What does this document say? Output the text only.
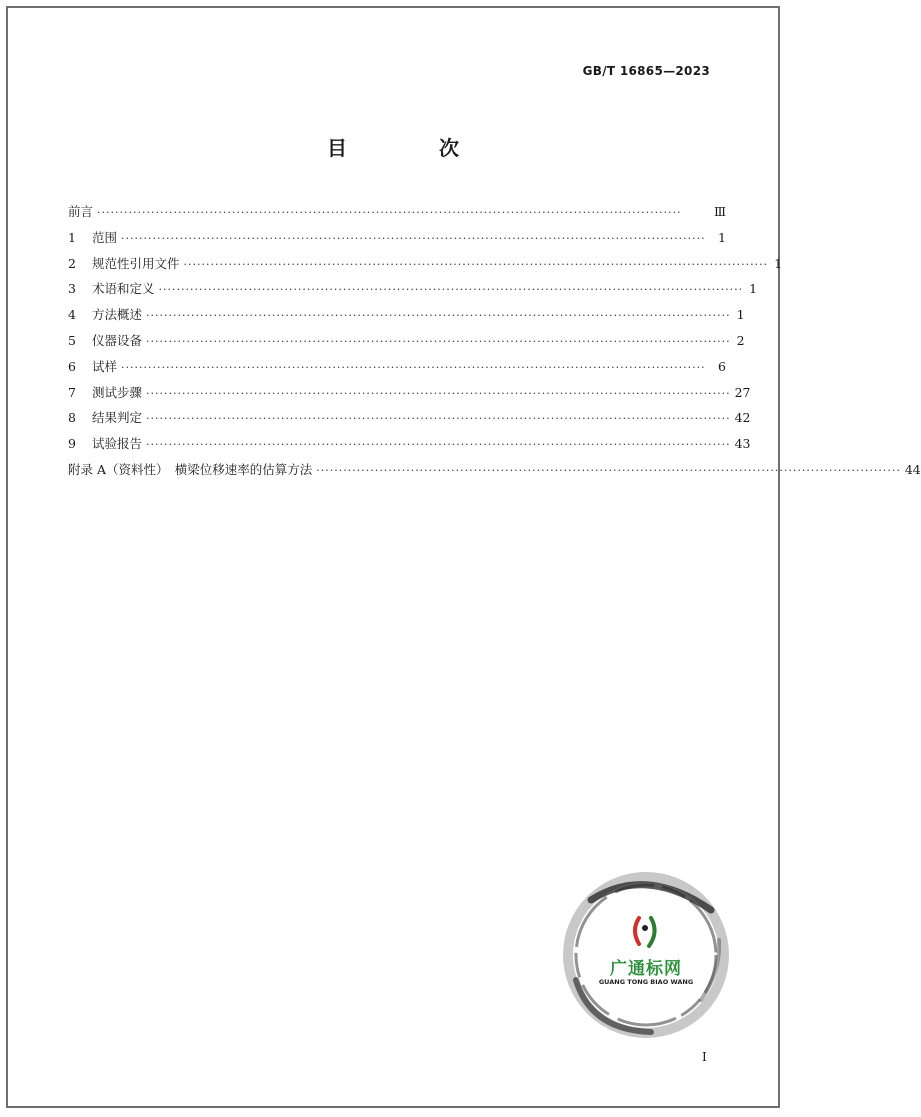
GB/T 16865—2023
目　次
前言 ··································································································································	Ⅲ
1	范围 ·································································································································· 1
2	规范性引用文件 ·································································································································· 1
3	术语和定义 ·································································································································· 1
4	方法概述 ·································································································································· 1
5	仪器设备 ·································································································································· 2
6	试样 ·································································································································· 6
7	测试步骤 ·································································································································· 27
8	结果判定 ·································································································································· 42
9	试验报告 ·································································································································· 43
附录 A（资料性）　横梁位移速率的估算方法 ·································································································································· 44
广通标网
GUANG TONG BIAO WANG
I
